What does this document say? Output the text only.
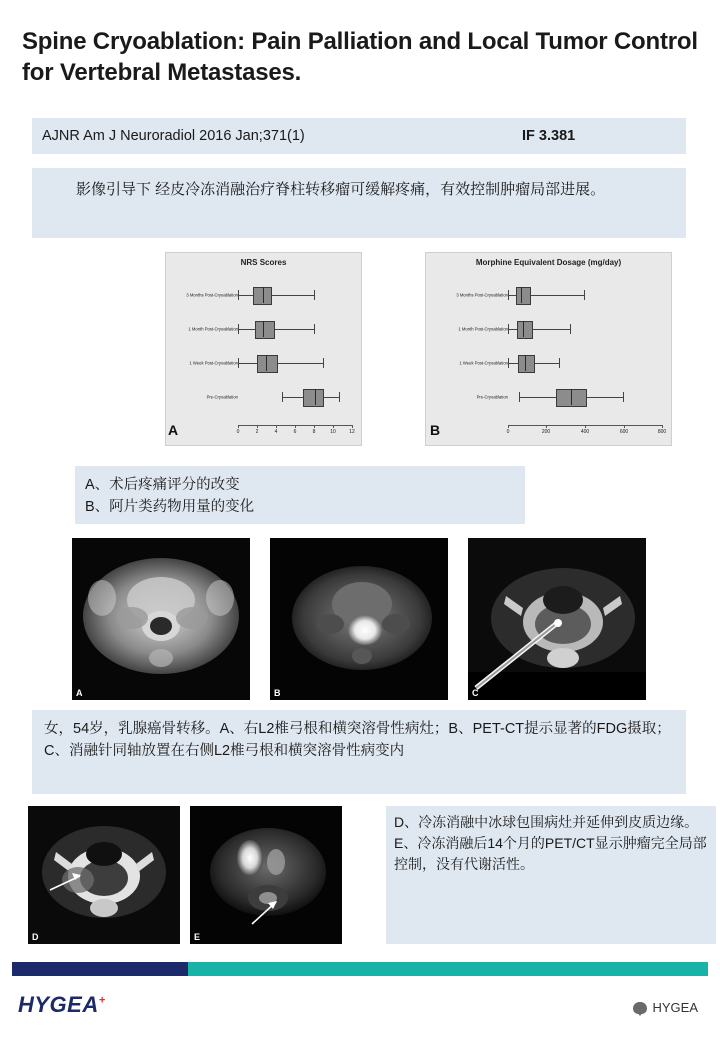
Spine Cryoablation: Pain Palliation and Local Tumor Control for Vertebral Metastases.
AJNR Am J Neuroradiol 2016 Jan;371(1)	IF 3.381
影像引导下 经皮冷冻消融治疗脊柱转移瘤可缓解疼痛，有效控制肿瘤局部进展。
NRS Scores
0	2	4	6	8	10	12
3 Months Post-Cryoablation
1 Month Post-Cryoablation
1 Week Post-Cryoablation
Pre-Cryoablation
A
Morphine Equivalent Dosage (mg/day)
0	200	400	600	800
3 Months Post-Cryoablation
1 Month Post-Cryoablation
1 Week Post-Cryoablation
Pre-Cryoablation
B
A、术后疼痛评分的改变
B、阿片类药物用量的变化
A	B	C
女，54岁，乳腺癌骨转移。A、右L2椎弓根和横突溶骨性病灶；B、PET-CT提示显著的FDG摄取；C、消融针同轴放置在右侧L2椎弓根和横突溶骨性病变内
D	E
D、冷冻消融中冰球包围病灶并延伸到皮质边缘。
E、冷冻消融后14个月的PET/CT显示肿瘤完全局部控制，没有代谢活性。
HYGEA+	HYGEA
